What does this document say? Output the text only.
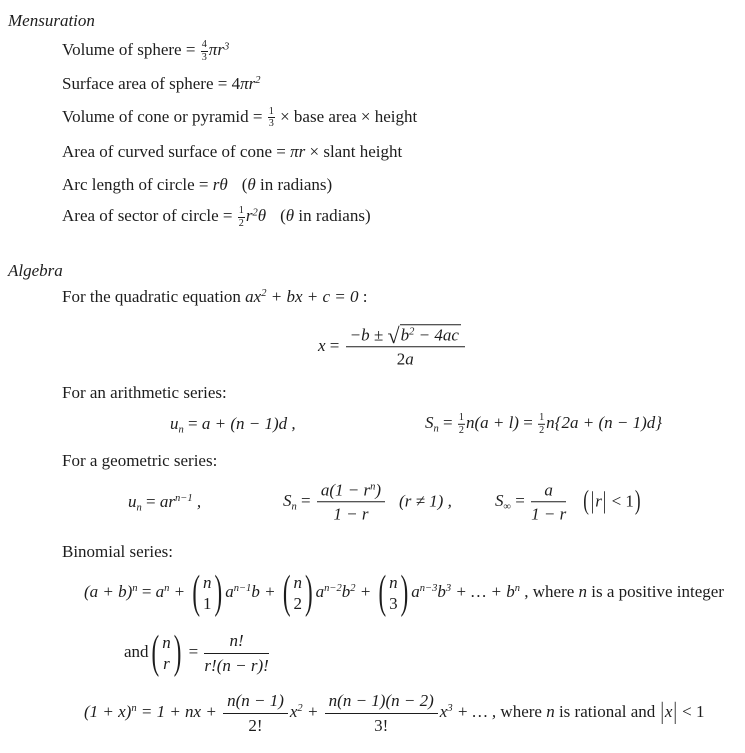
Mensuration
Volume of sphere = $\frac{4}{3} \pi r^3$
Surface area of sphere = $4\pi r^2$
Volume of cone or pyramid = $\frac{1}{3}$ × base area × height
Area of curved surface of cone = πr × slant height
Arc length of circle = rθ (θ in radians)
Area of sector of circle = $\frac{1}{2} r^2\theta$ (θ in radians)
Algebra
For the quadratic equation $ax^2$ + bx + c = 0 :
$x = \frac{-b \pm √b^2 - 4ac}{2a}$
For an arithmetic series:
$u_n = a + (n - 1)d$ ,	$S_n = \frac{1}{2} n(a + l) = \frac{1}{2} n\{2a + (n - 1)d\}$
For a geometric series:
$u_n = ar^{n-1}$ ,	$S_n = \frac{a(1 - r^n)}{1 - r} (r \ne 1)$ ,	$S_\infty = \frac{a}{1 - r}$ ( |r| < 1)
Binomial series:
$(a + b)^n = a^n$ + ( n
1 ) $a^{n-1}b$ + ( n
2 ) $a^{n-2}b^2$ + ( n
3 ) $a^{n-3}b^3$ + … + $b^n$ , where n is a positive integer
and ( n
r ) = $\frac{n!}{r!(n - r)!}$
$(1 + x)^n = 1$ + nx + $\frac{n(n - 1)}{2!} x^2 + \frac{n(n - 1)(n - 2)}{3!} x^3$ + … , where n is rational and |x| < 1
